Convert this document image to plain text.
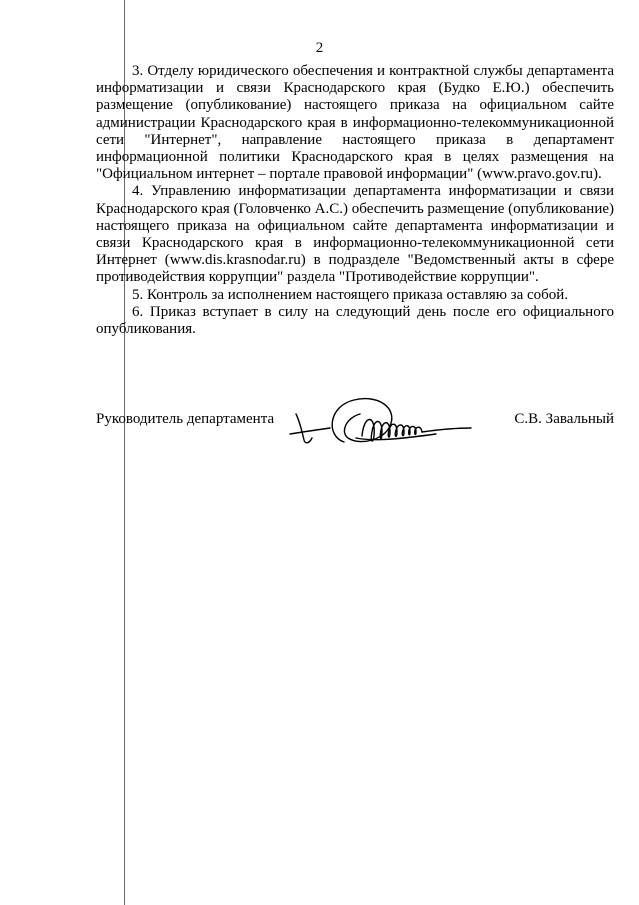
2

3. Отделу юридического обеспечения и контрактной службы департамента информатизации и связи Краснодарского края (Будко Е.Ю.) обеспечить размещение (опубликование) настоящего приказа на официальном сайте администрации Краснодарского края в информационно-телекоммуникационной сети "Интернет", направление настоящего приказа в департамент информационной политики Краснодарского края в целях размещения на "Официальном интернет – портале правовой информации" (www.pravo.gov.ru).

4. Управлению информатизации департамента информатизации и связи Краснодарского края (Головченко А.С.) обеспечить размещение (опубликование) настоящего приказа на официальном сайте департамента информатизации и связи Краснодарского края в информационно-телекоммуникационной сети Интернет (www.dis.krasnodar.ru) в подразделе "Ведомственный акты в сфере противодействия коррупции" раздела "Противодействие коррупции".

5. Контроль за исполнением настоящего приказа оставляю за собой.

6. Приказ вступает в силу на следующий день после его официального опубликования.

Руководитель департамента	С.В. Завальный
